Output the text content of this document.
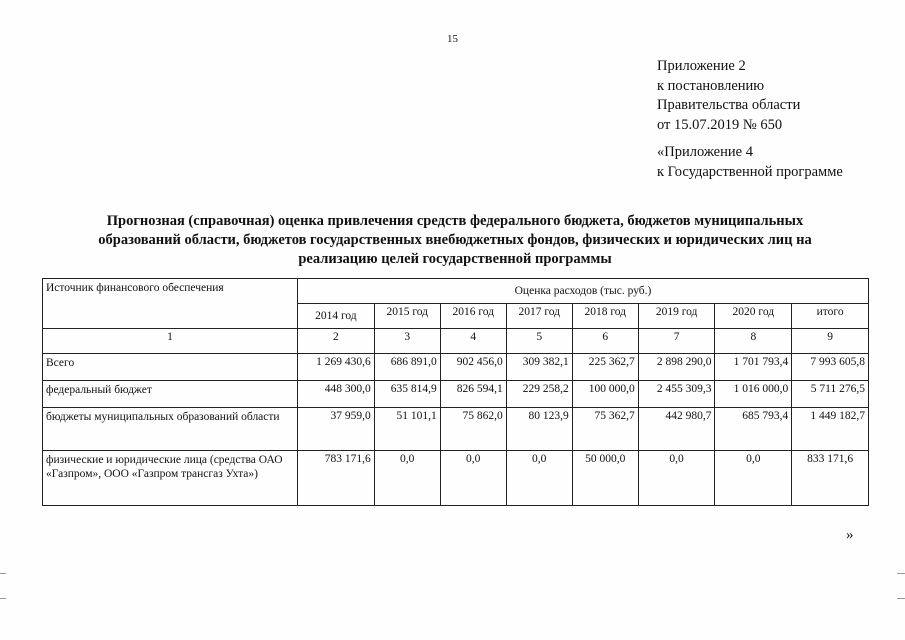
15
Приложение 2
к постановлению
Правительства области
от 15.07.2019 № 650
«Приложение 4
к Государственной программе
Прогнозная (справочная) оценка привлечения средств федерального бюджета, бюджетов муниципальных
образований области, бюджетов государственных внебюджетных фондов, физических и юридических лиц на
реализацию целей государственной программы
Источник финансового обеспечения	Оценка расходов (тыс. руб.)							
	2014 год	2015 год	2016 год	2017 год	2018 год	2019 год	2020 год	итого
1	2	3	4	5	6	7	8	9
Всего	1 269 430,6	686 891,0	902 456,0	309 382,1	225 362,7	2 898 290,0	1 701 793,4	7 993 605,8
федеральный бюджет	448 300,0	635 814,9	826 594,1	229 258,2	100 000,0	2 455 309,3	1 016 000,0	5 711 276,5
бюджеты муниципальных образований области	37 959,0	51 101,1	75 862,0	80 123,9	75 362,7	442 980,7	685 793,4	1 449 182,7
физические и юридические лица (средства ОАО «Газпром», ООО «Газпром трансгаз Ухта»)	783 171,6	0,0	0,0	0,0	50 000,0	0,0	0,0	833 171,6
»
